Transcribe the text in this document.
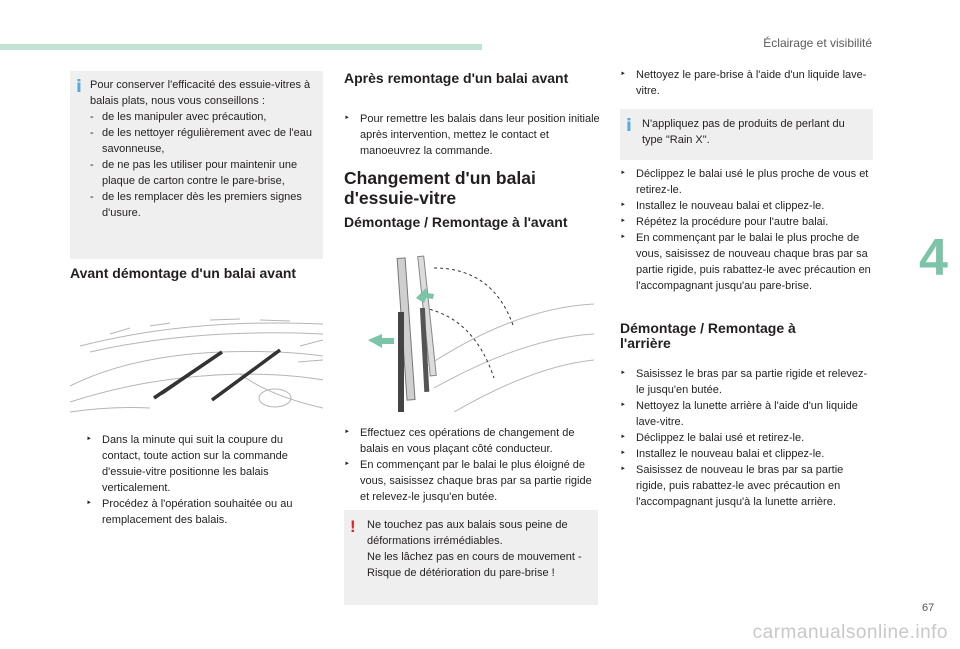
Éclairage et visibilité
4
i Pour conserver l'efficacité des essuie-vitres à balais plats, nous vous conseillons :
- de les manipuler avec précaution,
- de les nettoyer régulièrement avec de l'eau savonneuse,
- de ne pas les utiliser pour maintenir une plaque de carton contre le pare-brise,
- de les remplacer dès les premiers signes d'usure.
Avant démontage d'un balai avant
‣ Dans la minute qui suit la coupure du contact, toute action sur la commande d'essuie-vitre positionne les balais verticalement.
‣ Procédez à l'opération souhaitée ou au remplacement des balais.
Après remontage d'un balai avant
‣ Pour remettre les balais dans leur position initiale après intervention, mettez le contact et manoeuvrez la commande.
Changement d'un balai d'essuie-vitre
Démontage / Remontage à l'avant
‣ Effectuez ces opérations de changement de balais en vous plaçant côté conducteur.
‣ En commençant par le balai le plus éloigné de vous, saisissez chaque bras par sa partie rigide et relevez-le jusqu'en butée.
! Ne touchez pas aux balais sous peine de déformations irrémédiables.
Ne les lâchez pas en cours de mouvement - Risque de détérioration du pare-brise !
‣ Nettoyez le pare-brise à l'aide d'un liquide lave-vitre.
i N'appliquez pas de produits de perlant du type "Rain X".
‣ Déclippez le balai usé le plus proche de vous et retirez-le.
‣ Installez le nouveau balai et clippez-le.
‣ Répétez la procédure pour l'autre balai.
‣ En commençant par le balai le plus proche de vous, saisissez de nouveau chaque bras par sa partie rigide, puis rabattez-le avec précaution en l'accompagnant jusqu'au pare-brise.
Démontage / Remontage à l'arrière
‣ Saisissez le bras par sa partie rigide et relevez-le jusqu'en butée.
‣ Nettoyez la lunette arrière à l'aide d'un liquide lave-vitre.
‣ Déclippez le balai usé et retirez-le.
‣ Installez le nouveau balai et clippez-le.
‣ Saisissez de nouveau le bras par sa partie rigide, puis rabattez-le avec précaution en l'accompagnant jusqu'à la lunette arrière.
67
carmanualsonline.info
